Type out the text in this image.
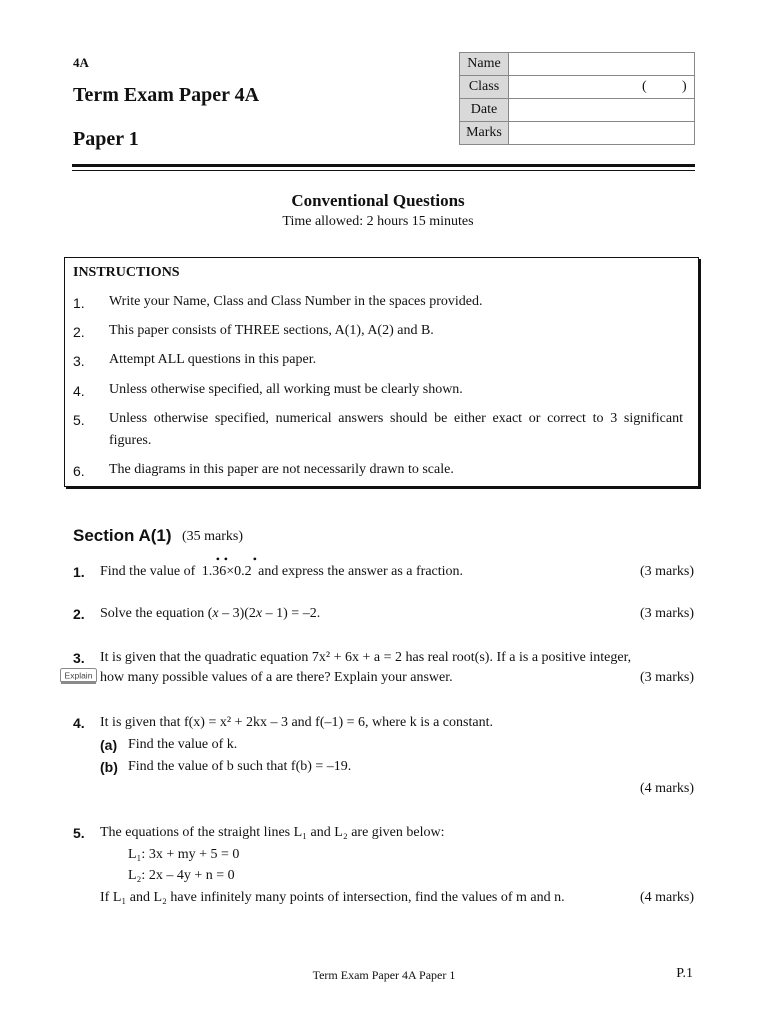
4A
Term Exam Paper 4A
Paper 1
Name	
Class	( )

Date	
Marks	
Conventional Questions
Time allowed: 2 hours 15 minutes
INSTRUCTIONS
1. Write your Name, Class and Class Number in the spaces provided.
2. This paper consists of THREE sections, A(1), A(2) and B.
3. Attempt ALL questions in this paper.
4. Unless otherwise specified, all working must be clearly shown.
5. Unless otherwise specified, numerical answers should be either exact or correct to 3 significant figures.
6. The diagrams in this paper are not necessarily drawn to scale.
Section A(1) (35 marks)
1. Find the value of
• • •
1.36×0.2 and express the answer as a fraction.	(3 marks)
2. Solve the equation (x – 3)(2x – 1) = –2.	(3 marks)
3. It is given that the quadratic equation 7x² + 6x + a = 2 has real root(s). If a is a positive integer,
Explain how many possible values of a are there? Explain your answer.	(3 marks)
4. It is given that f(x) = x² + 2kx – 3 and f(–1) = 6, where k is a constant.
(a) Find the value of k.
(b) Find the value of b such that f(b) = –19.
(4 marks)
5. The equations of the straight lines L₁ and L₂ are given below:
L₁: 3x + my + 5 = 0
L₂: 2x – 4y + n = 0
If L₁ and L₂ have infinitely many points of intersection, find the values of m and n.	(4 marks)
Term Exam Paper 4A Paper 1	P.1
